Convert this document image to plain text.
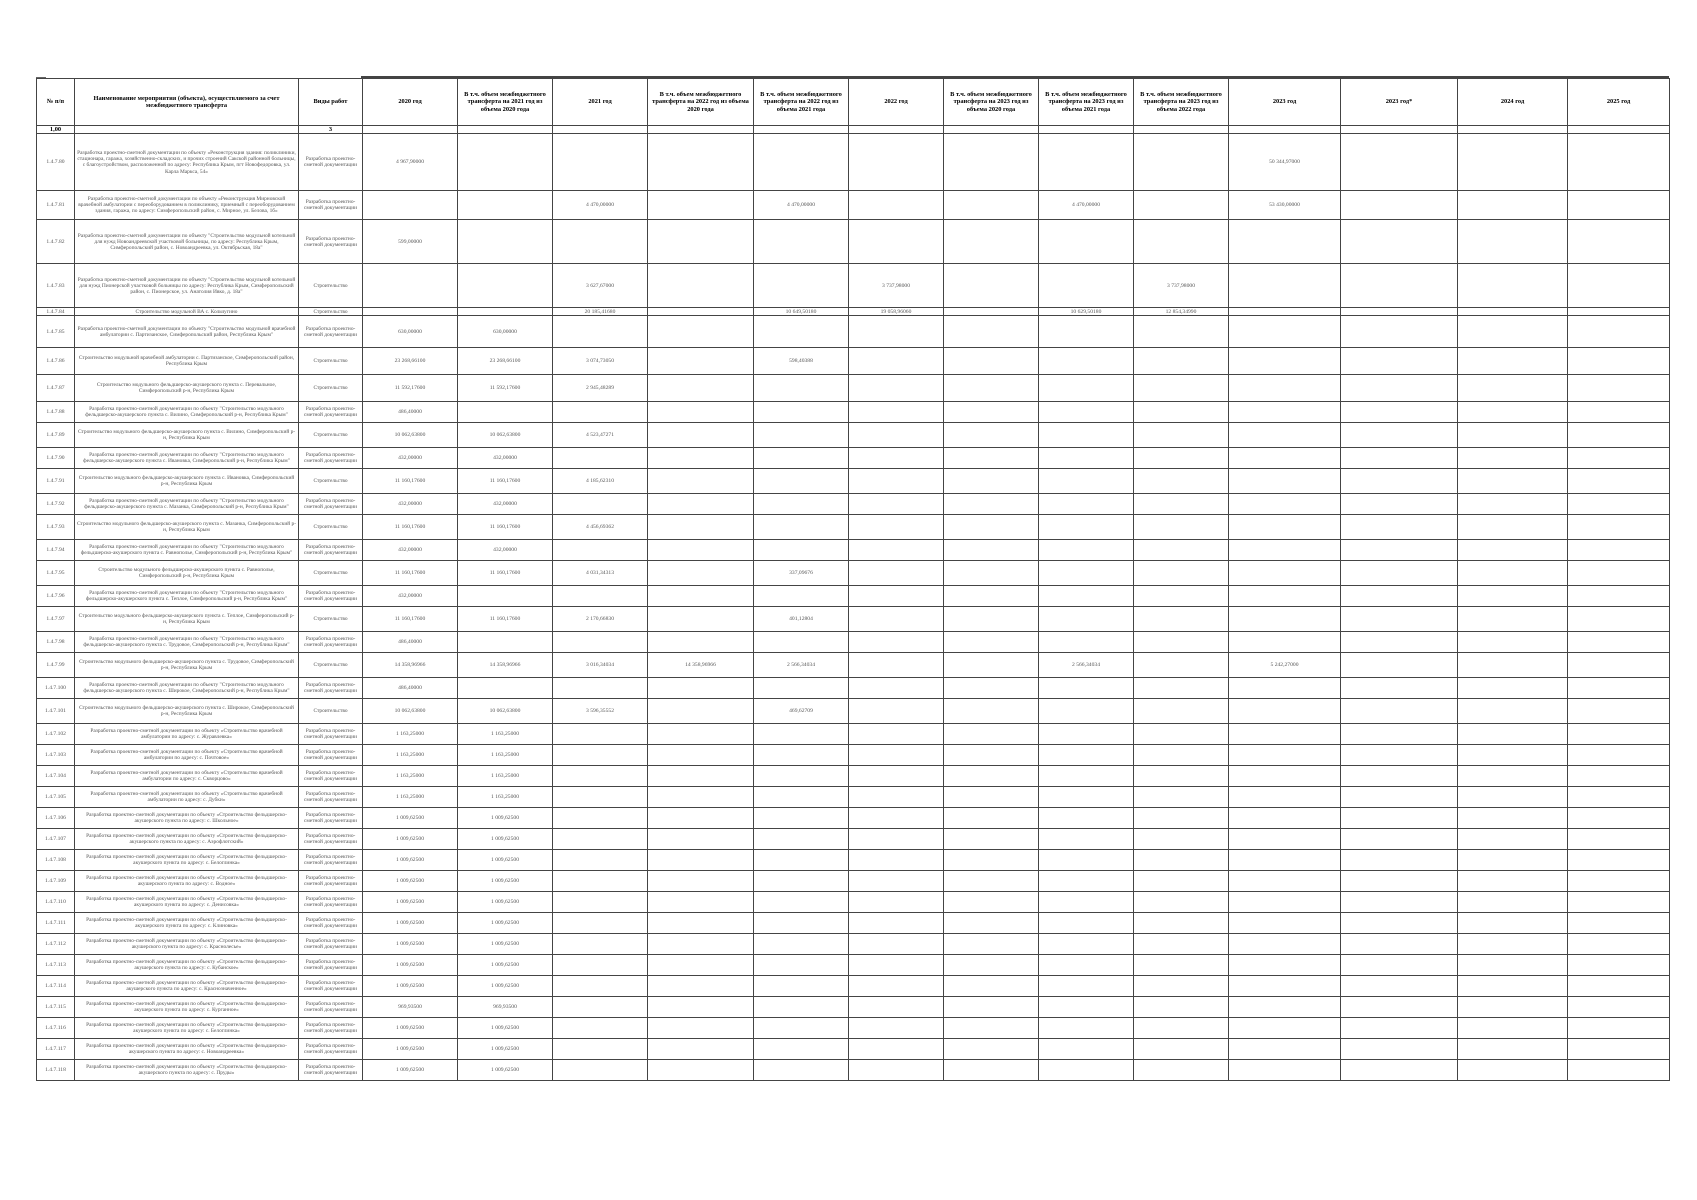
№ п/п	Наименование мероприятия (объекта), осуществляемого за счет межбюджетного трансферта	Виды работ	2020 год	В т.ч. объем межбюджетного трансферта на 2021 год из объема 2020 года	2021 год	В т.ч. объем межбюджетного трансферта на 2022 год из объема 2020 года	В т.ч. объем межбюджетного трансферта на 2022 год из объема 2021 года	2022 год	В т.ч. объем межбюджетного трансферта на 2023 год из объема 2020 года	В т.ч. объем межбюджетного трансферта на 2023 год из объема 2021 года	В т.ч. объем межбюджетного трансферта на 2023 год из объема 2022 года	2023 год	2023 год*	2024 год	2025 год
1,00		3													
1.4.7.80	Разработка проектно-сметной документации по объекту «Реконструкция здания: поликлиники, стационара, гаража, хозяйственно-складских, и прочих строений Сакской районной больницы, с благоустройством, расположенной по адресу: Республика Крым, пгт Новофедоровка, ул. Карла Маркса, 54»	Разработка проектно-сметной документации	4 967,90000									50 344,97000			
1.4.7.81	Разработка проектно-сметной документации по объекту «Реконструкция Мирновской врачебной амбулатории с переоборудованием в поликлинику, приемный с переоборудованием здания, гаража, по адресу: Симферопольский район, с. Мирное, ул. Белова, 1б»	Разработка проектно-сметной документации			4 470,00000		4 470,00000			4 470,00000		53 430,00000			
1.4.7.82	Разработка проектно-сметной документации по объекту "Строительство модульной котельной для нужд Новоандреевской участковой больницы, по адресу: Республика Крым, Симферопольский район, с. Новоандреевка, ул. Октябрьская, 18а"	Разработка проектно-сметной документации	599,00000												
1.4.7.83	Разработка проектно-сметной документации по объекту "Строительство модульной котельной для нужд Пионерской участковой больницы по адресу: Республика Крым, Симферопольский район, с. Пионерское, ул. Анатолия Ивко, д. 18а"	Строительство			3 627,67000			3 737,98000			3 737,98000				
1.4.7.84	Строительство модульной ВА с. Кольчугино	Строительство			20 185,41680		10 649,50180	19 058,96060		10 629,50180	12 854,34990				
1.4.7.85	Разработка проектно-сметной документации по объекту "Строительство модульной врачебной амбулатории с. Партизанское, Симферопольский район, Республика Крым"	Разработка проектно-сметной документации	630,00000	630,00000											
1.4.7.86	Строительство модульной врачебной амбулатории с. Партизанское, Симферопольский район, Республика Крым	Строительство	23 268,66100	23 268,66100	3 074,73050		598,40388								
1.4.7.87	Строительство модульного фельдшерско-акушерского пункта с. Перевальное, Симферопольский р-н, Республика Крым	Строительство	11 592,17600	11 592,17600	2 945,48289										
1.4.7.88	Разработка проектно-сметной документации по объекту "Строительство модульного фельдшерско-акушерского пункта с. Вилино, Симферопольский р-н, Республика Крым"	Разработка проектно-сметной документации	486,40000												
1.4.7.89	Строительство модульного фельдшерско-акушерского пункта с. Вилино, Симферопольский р-н, Республика Крым	Строительство	10 062,63800	10 062,63800	4 523,47271										
1.4.7.90	Разработка проектно-сметной документации по объекту "Строительство модульного фельдшерско-акушерского пункта с. Ивановка, Симферопольский р-н, Республика Крым"	Разработка проектно-сметной документации	432,00000	432,00000											
1.4.7.91	Строительство модульного фельдшерско-акушерского пункта с. Ивановка, Симферопольский р-н, Республика Крым	Строительство	11 160,17600	11 160,17600	4 185,62310										
1.4.7.92	Разработка проектно-сметной документации по объекту "Строительство модульного фельдшерско-акушерского пункта с. Мазанка, Симферопольский р-н, Республика Крым"	Разработка проектно-сметной документации	432,00000	432,00000											
1.4.7.93	Строительство модульного фельдшерско-акушерского пункта с. Мазанка, Симферопольский р-н, Республика Крым	Строительство	11 160,17600	11 160,17600	4 456,69362										
1.4.7.94	Разработка проектно-сметной документации по объекту "Строительство модульного фельдшерско-акушерского пункта с. Равнополье, Симферопольский р-н, Республика Крым"	Разработка проектно-сметной документации	432,00000	432,00000											
1.4.7.95	Строительство модульного фельдшерско-акушерского пункта с. Равнополье, Симферопольский р-н, Республика Крым	Строительство	11 160,17600	11 160,17600	4 031,34313		337,09676								
1.4.7.96	Разработка проектно-сметной документации по объекту "Строительство модульного фельдшерско-акушерского пункта с. Теплое, Симферопольский р-н, Республика Крым"	Разработка проектно-сметной документации	432,00000												
1.4.7.97	Строительство модульного фельдшерско-акушерского пункта с. Теплое, Симферопольский р-н, Республика Крым	Строительство	11 160,17600	11 160,17600	2 170,66830		401,12804								
1.4.7.98	Разработка проектно-сметной документации по объекту "Строительство модульного фельдшерско-акушерского пункта с. Трудовое, Симферопольский р-н, Республика Крым"	Разработка проектно-сметной документации	486,40000												
1.4.7.99	Строительство модульного фельдшерско-акушерского пункта с. Трудовое, Симферопольский р-н, Республика Крым	Строительство	14 358,96966	14 358,96966	3 016,34034	14 358,96966	2 566,34034			2 566,34034		5 242,27000			
1.4.7.100	Разработка проектно-сметной документации по объекту "Строительство модульного фельдшерско-акушерского пункта с. Широкое, Симферопольский р-н, Республика Крым"	Разработка проектно-сметной документации	486,40000												
1.4.7.101	Строительство модульного фельдшерско-акушерского пункта с. Широкое, Симферопольский р-н, Республика Крым	Строительство	10 062,63800	10 062,63800	3 596,35552		469,62709								
1.4.7.102	Разработка проектно-сметной документации по объекту «Строительство врачебной амбулатории по адресу: с. Журавлевка»	Разработка проектно-сметной документации	1 163,25000	1 163,25000											
1.4.7.103	Разработка проектно-сметной документации по объекту «Строительство врачебной амбулатории по адресу: с. Почтовое»	Разработка проектно-сметной документации	1 163,25000	1 163,25000											
1.4.7.104	Разработка проектно-сметной документации по объекту «Строительство врачебной амбулатории по адресу: с. Скворцово»	Разработка проектно-сметной документации	1 163,25000	1 163,25000											
1.4.7.105	Разработка проектно-сметной документации по объекту «Строительство врачебной амбулатории по адресу: с. Дубки»	Разработка проектно-сметной документации	1 163,25000	1 163,25000											
1.4.7.106	Разработка проектно-сметной документации по объекту «Строительство фельдшерско-акушерского пункта по адресу: с. Школьное»	Разработка проектно-сметной документации	1 009,62500	1 009,62500											
1.4.7.107	Разработка проектно-сметной документации по объекту «Строительство фельдшерско-акушерского пункта по адресу: с. Аэрофлотский»	Разработка проектно-сметной документации	1 009,62500	1 009,62500											
1.4.7.108	Разработка проектно-сметной документации по объекту «Строительство фельдшерско-акушерского пункта по адресу: с. Белоглинка»	Разработка проектно-сметной документации	1 009,62500	1 009,62500											
1.4.7.109	Разработка проектно-сметной документации по объекту «Строительство фельдшерско-акушерского пункта по адресу: с. Водное»	Разработка проектно-сметной документации	1 009,62500	1 009,62500											
1.4.7.110	Разработка проектно-сметной документации по объекту «Строительство фельдшерско-акушерского пункта по адресу: с. Денисовка»	Разработка проектно-сметной документации	1 009,62500	1 009,62500											
1.4.7.111	Разработка проектно-сметной документации по объекту «Строительство фельдшерско-акушерского пункта по адресу: с. Клиновка»	Разработка проектно-сметной документации	1 009,62500	1 009,62500											
1.4.7.112	Разработка проектно-сметной документации по объекту «Строительство фельдшерско-акушерского пункта по адресу: с. Краснолесье»	Разработка проектно-сметной документации	1 009,62500	1 009,62500											
1.4.7.113	Разработка проектно-сметной документации по объекту «Строительство фельдшерско-акушерского пункта по адресу: с. Кубанское»	Разработка проектно-сметной документации	1 009,62500	1 009,62500											
1.4.7.114	Разработка проектно-сметной документации по объекту «Строительство фельдшерско-акушерского пункта по адресу: с. Краснозначенное»	Разработка проектно-сметной документации	1 009,62500	1 009,62500											
1.4.7.115	Разработка проектно-сметной документации по объекту «Строительство фельдшерско-акушерского пункта по адресу: с. Курганное»	Разработка проектно-сметной документации	969,93500	969,93500											
1.4.7.116	Разработка проектно-сметной документации по объекту «Строительство фельдшерско-акушерского пункта по адресу: с. Белоглинка»	Разработка проектно-сметной документации	1 009,62500	1 009,62500											
1.4.7.117	Разработка проектно-сметной документации по объекту «Строительство фельдшерско-акушерского пункта по адресу: с. Новоандреевка»	Разработка проектно-сметной документации	1 009,62500	1 009,62500											
1.4.7.118	Разработка проектно-сметной документации по объекту «Строительство фельдшерско-акушерского пункта по адресу: с. Пруды»	Разработка проектно-сметной документации	1 009,62500	1 009,62500											
